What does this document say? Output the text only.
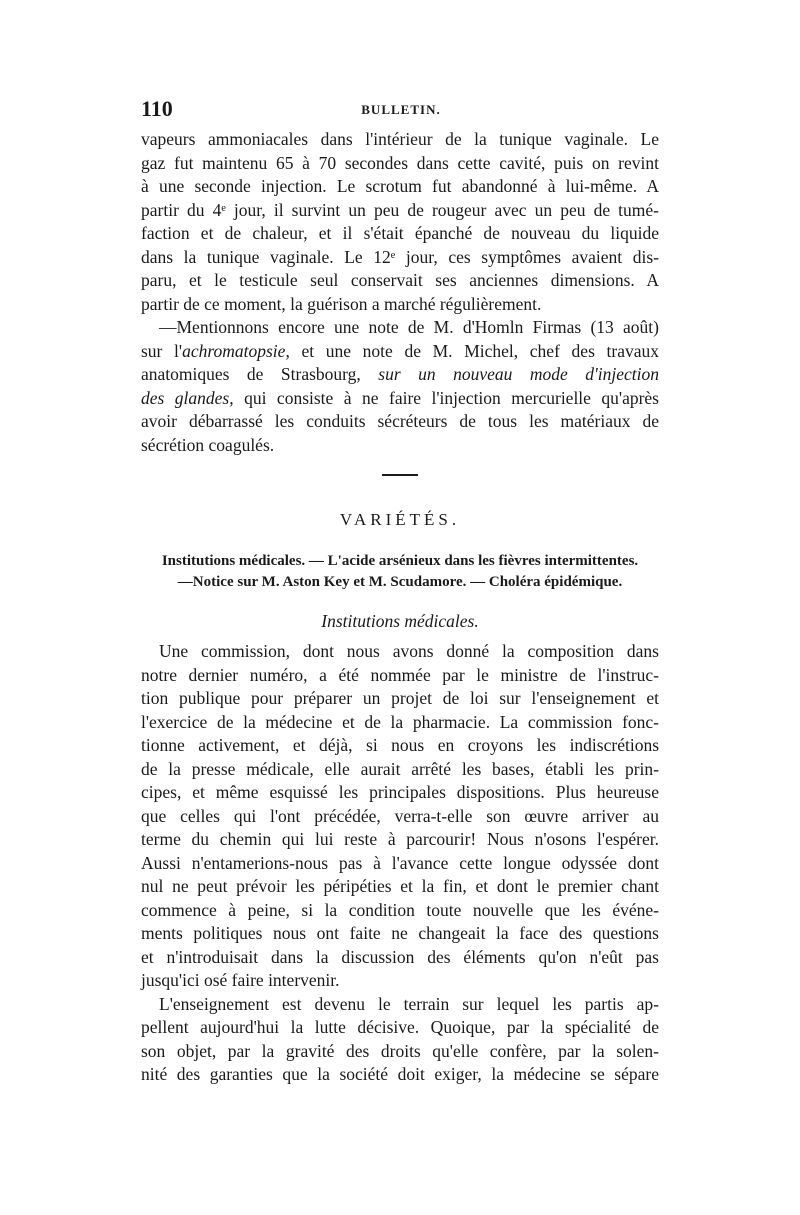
110	BULLETIN.
vapeurs ammoniacales dans l'intérieur de la tunique vaginale. Le
gaz fut maintenu 65 à 70 secondes dans cette cavité, puis on revint
à une seconde injection. Le scrotum fut abandonné à lui-même. A
partir du 4ᵉ jour, il survint un peu de rougeur avec un peu de tumé-
faction et de chaleur, et il s'était épanché de nouveau du liquide
dans la tunique vaginale. Le 12ᵉ jour, ces symptômes avaient dis-
paru, et le testicule seul conservait ses anciennes dimensions. A
partir de ce moment, la guérison a marché régulièrement.
—Mentionnons encore une note de M. d'Homln Firmas (13 août)
sur l'achromatopsie, et une note de M. Michel, chef des travaux
anatomiques de Strasbourg, sur un nouveau mode d'injection
des glandes, qui consiste à ne faire l'injection mercurielle qu'après
avoir débarrassé les conduits sécréteurs de tous les matériaux de
sécrétion coagulés.
VARIÉTÉS.
Institutions médicales. — L'acide arsénieux dans les fièvres intermittentes.
—Notice sur M. Aston Key et M. Scudamore. — Choléra épidémique.
Institutions médicales.
Une commission, dont nous avons donné la composition dans
notre dernier numéro, a été nommée par le ministre de l'instruc-
tion publique pour préparer un projet de loi sur l'enseignement et
l'exercice de la médecine et de la pharmacie. La commission fonc-
tionne activement, et déjà, si nous en croyons les indiscrétions
de la presse médicale, elle aurait arrêté les bases, établi les prin-
cipes, et même esquissé les principales dispositions. Plus heureuse
que celles qui l'ont précédée, verra-t-elle son œuvre arriver au
terme du chemin qui lui reste à parcourir! Nous n'osons l'espérer.
Aussi n'entamerions-nous pas à l'avance cette longue odyssée dont
nul ne peut prévoir les péripéties et la fin, et dont le premier chant
commence à peine, si la condition toute nouvelle que les événe-
ments politiques nous ont faite ne changeait la face des questions
et n'introduisait dans la discussion des éléments qu'on n'eût pas
jusqu'ici osé faire intervenir.
L'enseignement est devenu le terrain sur lequel les partis ap-
pellent aujourd'hui la lutte décisive. Quoique, par la spécialité de
son objet, par la gravité des droits qu'elle confère, par la solen-
nité des garanties que la société doit exiger, la médecine se sépare
